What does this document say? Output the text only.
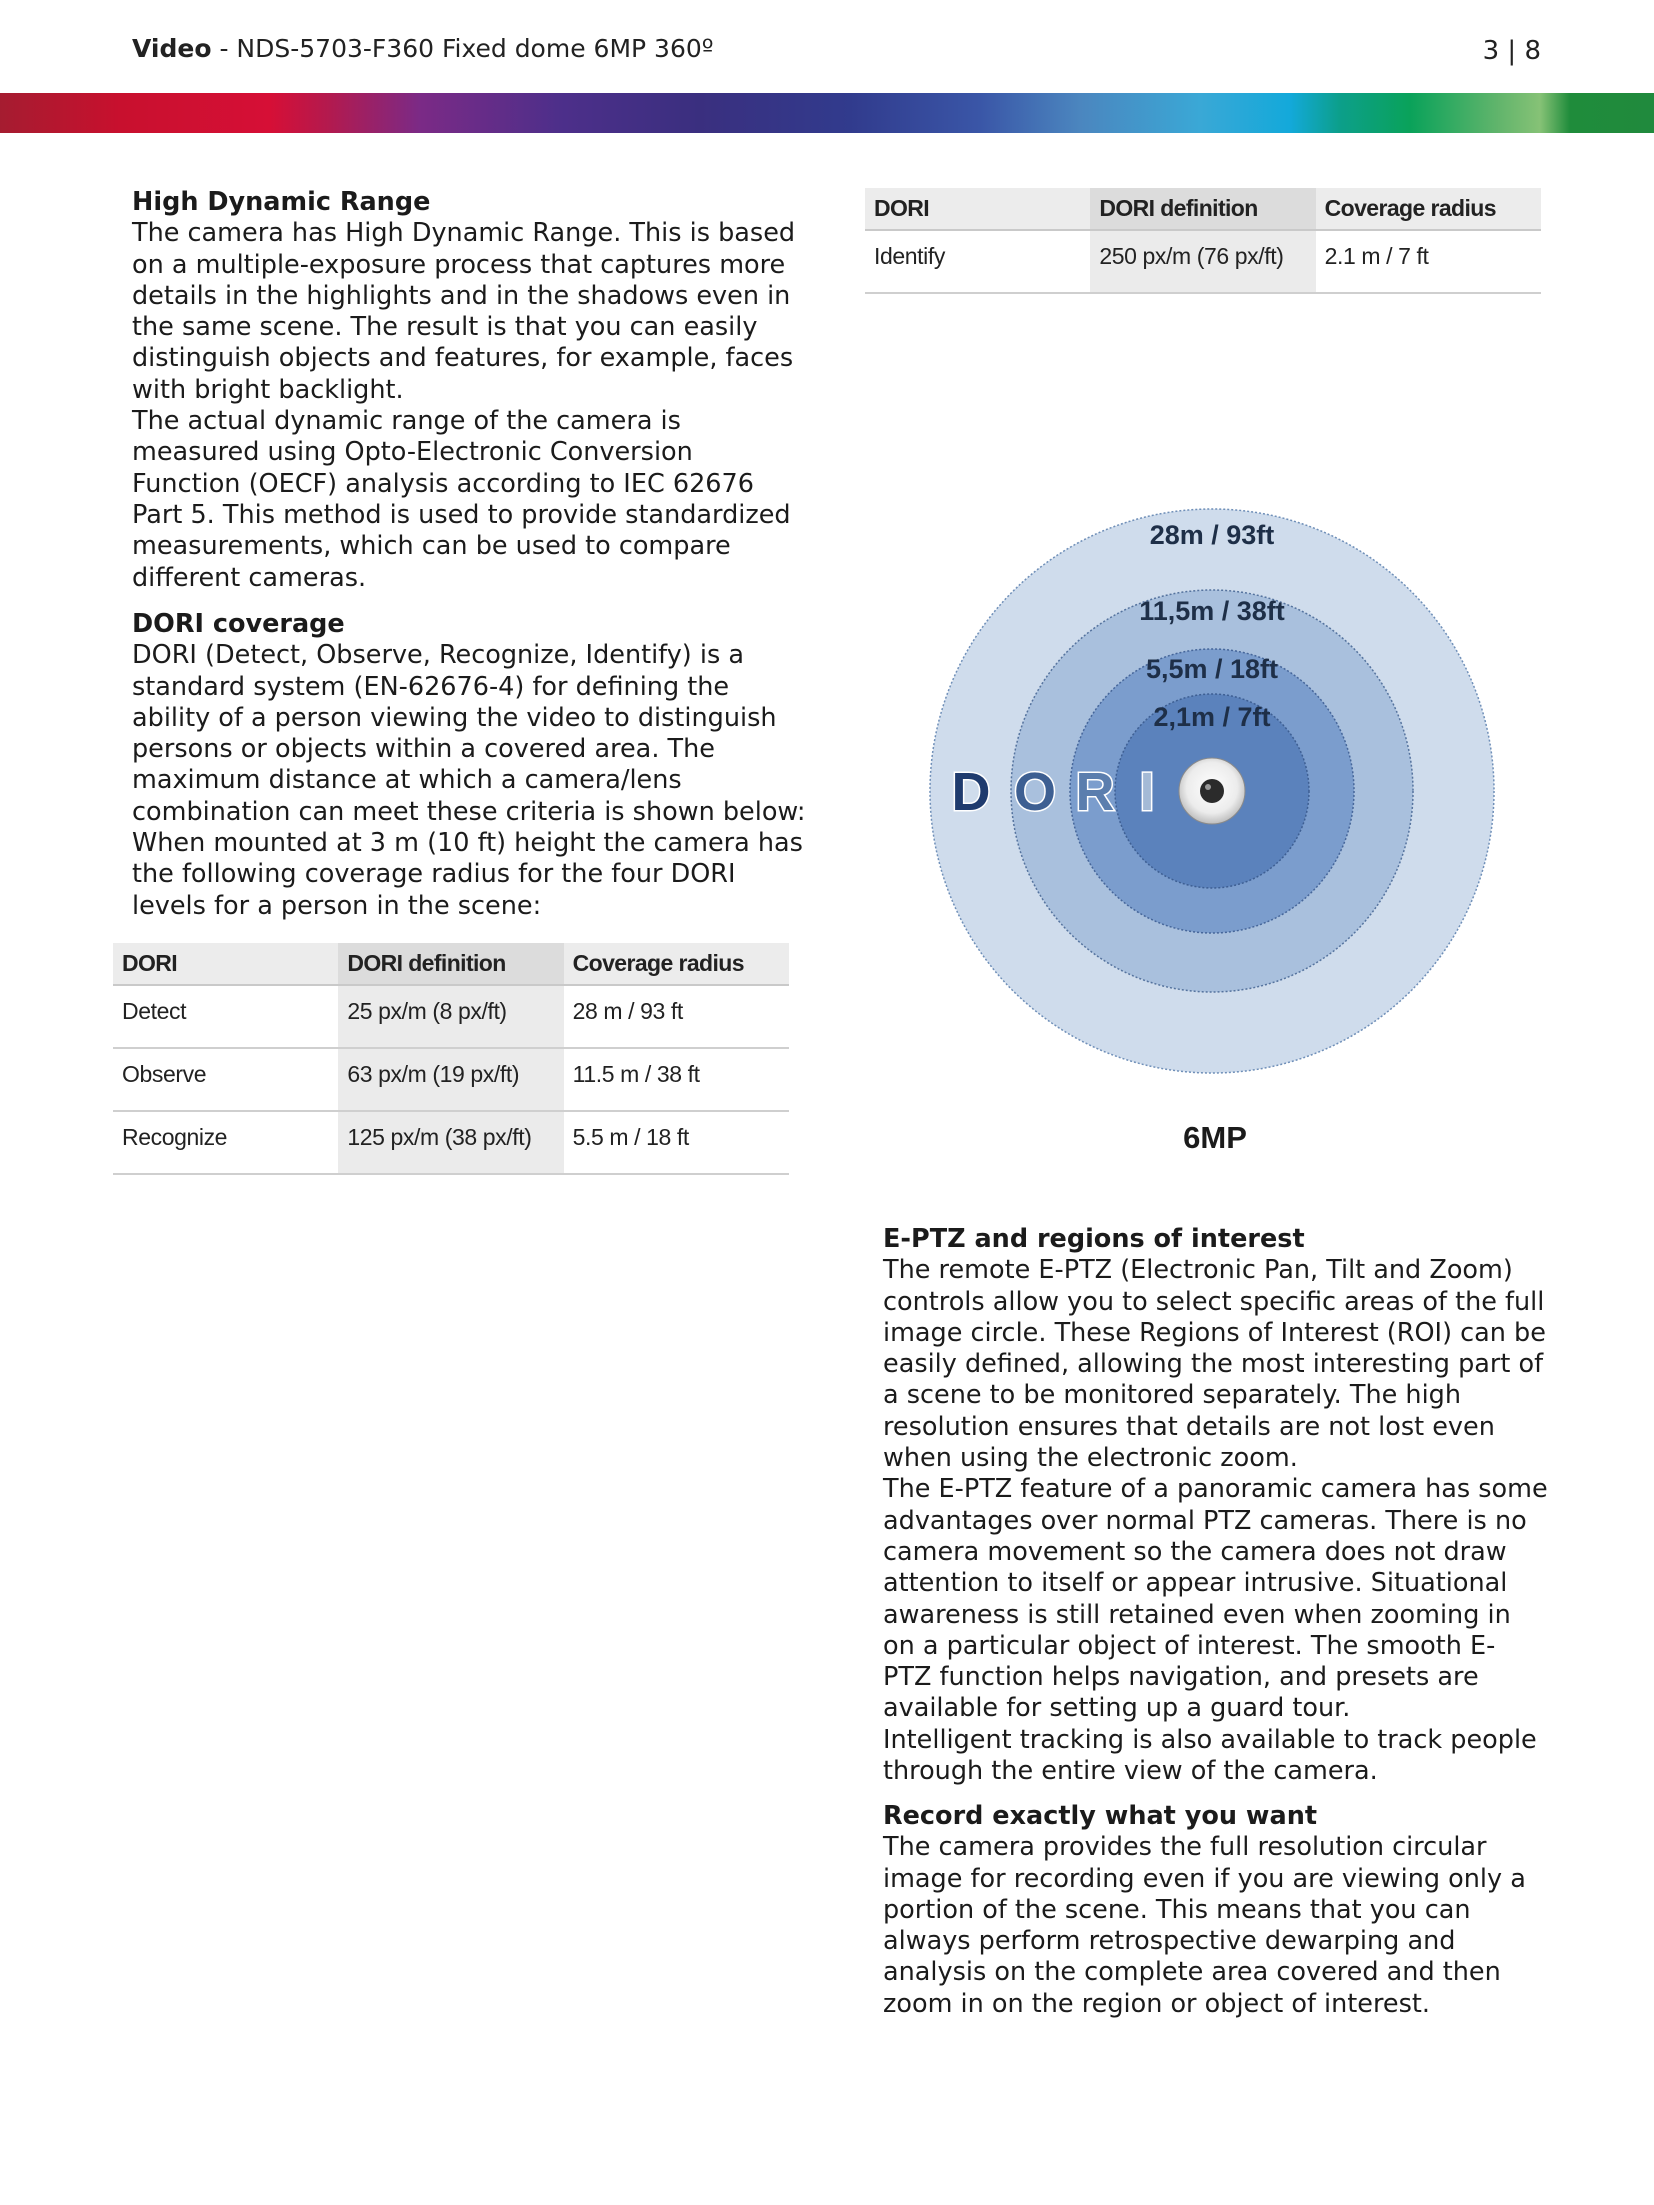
Video - NDS-5703-F360 Fixed dome 6MP 360º	3 | 8
High Dynamic Range

The camera has High Dynamic Range. This is based on a multiple-exposure process that captures more details in the highlights and in the shadows even in the same scene. The result is that you can easily distinguish objects and features, for example, faces with bright backlight.

The actual dynamic range of the camera is measured using Opto-Electronic Conversion Function (OECF) analysis according to IEC 62676 Part 5. This method is used to provide standardized measurements, which can be used to compare different cameras.

DORI coverage

DORI (Detect, Observe, Recognize, Identify) is a standard system (EN-62676-4) for defining the ability of a person viewing the video to distinguish persons or objects within a covered area. The maximum distance at which a camera/lens combination can meet these criteria is shown below:

When mounted at 3 m (10 ft) height the camera has the following coverage radius for the four DORI levels for a person in the scene:

DORI	DORI definition	Coverage radius
Detect	25 px/m (8 px/ft)	28 m / 93 ft
Observe	63 px/m (19 px/ft)	11.5 m / 38 ft
Recognize	125 px/m (38 px/ft)	5.5 m / 18 ft
DORI	DORI definition	Coverage radius
Identify	250 px/m (76 px/ft)	2.1 m / 7 ft
28m / 93ft
11,5m / 38ft
5,5m / 18ft
2,1m / 7ft
D O R I
6MP
E-PTZ and regions of interest

The remote E-PTZ (Electronic Pan, Tilt and Zoom) controls allow you to select specific areas of the full image circle. These Regions of Interest (ROI) can be easily defined, allowing the most interesting part of a scene to be monitored separately. The high resolution ensures that details are not lost even when using the electronic zoom.

The E-PTZ feature of a panoramic camera has some advantages over normal PTZ cameras. There is no camera movement so the camera does not draw attention to itself or appear intrusive. Situational awareness is still retained even when zooming in on a particular object of interest. The smooth E- PTZ function helps navigation, and presets are available for setting up a guard tour.

Intelligent tracking is also available to track people through the entire view of the camera.

Record exactly what you want

The camera provides the full resolution circular image for recording even if you are viewing only a portion of the scene. This means that you can always perform retrospective dewarping and analysis on the complete area covered and then zoom in on the region or object of interest.
